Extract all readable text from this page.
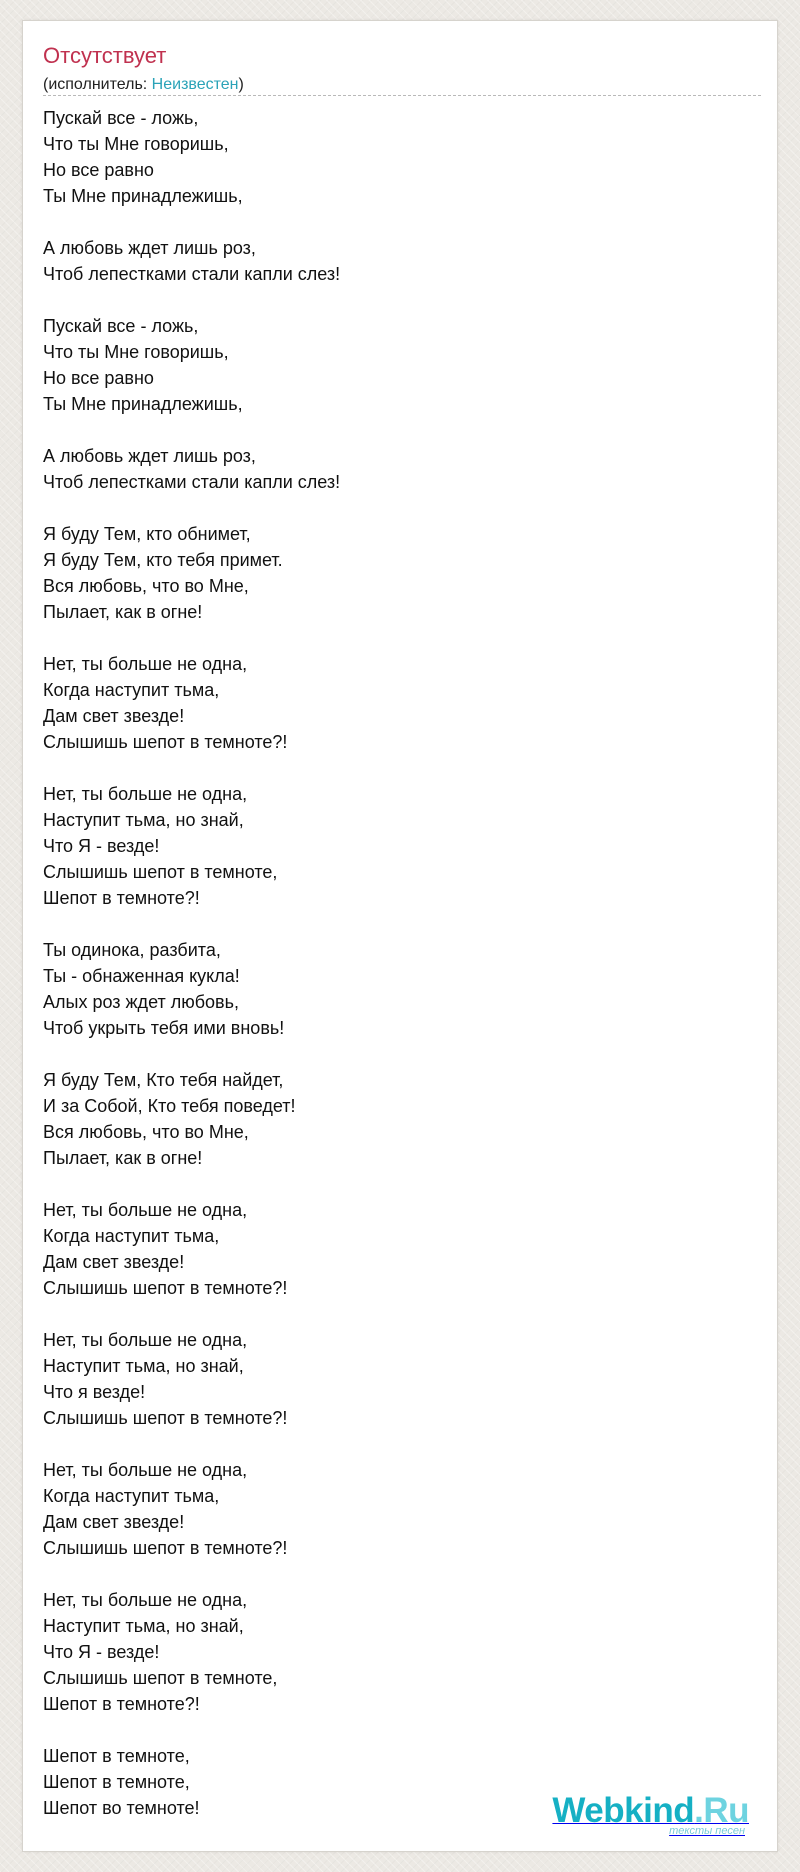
Отсутствует
(исполнитель: Неизвестен)
Пускай все - ложь,
Что ты Мне говоришь,
Но все равно
Ты Мне принадлежишь,

А любовь ждет лишь роз,
Чтоб лепестками стали капли слез!

Пускай все - ложь,
Что ты Мне говоришь,
Но все равно
Ты Мне принадлежишь,

А любовь ждет лишь роз,
Чтоб лепестками стали капли слез!

Я буду Тем, кто обнимет,
Я буду Тем, кто тебя примет.
Вся любовь, что во Мне,
Пылает, как в огне!

Нет, ты больше не одна,
Когда наступит тьма,
Дам свет звезде!
Слышишь шепот в темноте?!

Нет, ты больше не одна,
Наступит тьма, но знай,
Что Я - везде!
Слышишь шепот в темноте,
Шепот в темноте?!

Ты одинока, разбита,
Ты - обнаженная кукла!
Алых роз ждет любовь,
Чтоб укрыть тебя ими вновь!

Я буду Тем, Кто тебя найдет,
И за Собой, Кто тебя поведет!
Вся любовь, что во Мне,
Пылает, как в огне!

Нет, ты больше не одна,
Когда наступит тьма,
Дам свет звезде!
Слышишь шепот в темноте?!

Нет, ты больше не одна,
Наступит тьма, но знай,
Что я везде!
Слышишь шепот в темноте?!

Нет, ты больше не одна,
Когда наступит тьма,
Дам свет звезде!
Слышишь шепот в темноте?!

Нет, ты больше не одна,
Наступит тьма, но знай,
Что Я - везде!
Слышишь шепот в темноте,
Шепот в темноте?!

Шепот в темноте,
Шепот в темноте,
Шепот во темноте!	Webkind.Ru
тексты песен
